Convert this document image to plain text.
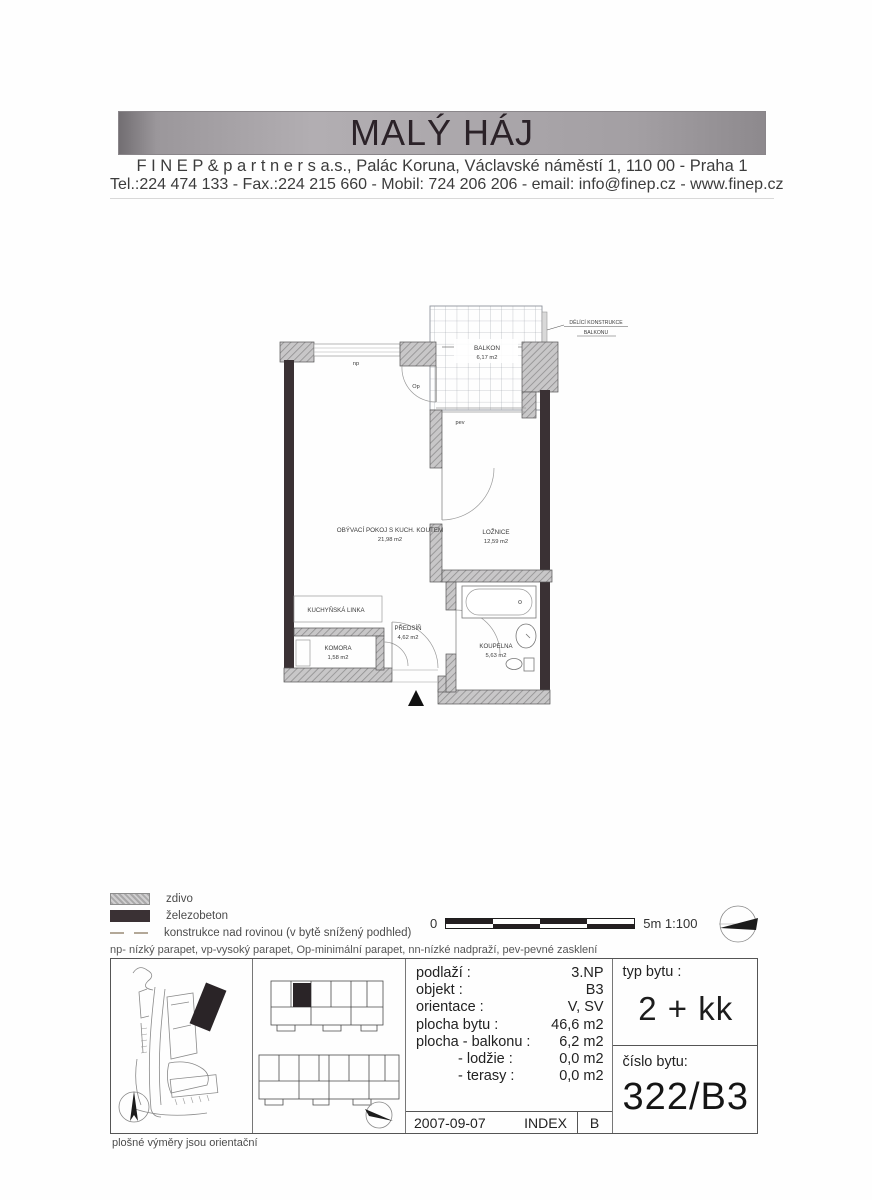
MALÝ HÁJ
F I N E P & p a r t n e r s a.s., Palác Koruna, Václavské náměstí 1, 110 00 - Praha 1
Tel.:224 474 133 - Fax.:224 215 660 - Mobil: 724 206 206 - email: info@finep.cz - www.finep.cz
BALKON
6,17 m2
DĚLÍCÍ KONSTRUKCE
BALKONU
OBÝVACÍ POKOJ S KUCH. KOUTEM
21,98 m2
LOŽNICE
12,59 m2
KUCHYŇSKÁ LINKA
KOMORA
1,58 m2
PŘEDSÍŇ
4,62 m2
KOUPELNA
5,63 m2
np
Op
pev
zdivo
železobeton
konstrukce nad rovinou (v bytě snížený podhled)
np- nízký parapet, vp-vysoký parapet, Op-minimální parapet, nn-nízké nadpraží, pev-pevné zasklení
0	5m 1:100
podlaží :	3.NP
objekt :	B3
orientace :	V, SV
plocha bytu :	46,6 m2
plocha - balkonu : 6,2 m2
- lodžie :	0,0 m2
- terasy :	0,0 m2
2007-09-07	INDEX	B
typ bytu :
2 + kk
číslo bytu:
322/B3
plošné výměry jsou orientační
